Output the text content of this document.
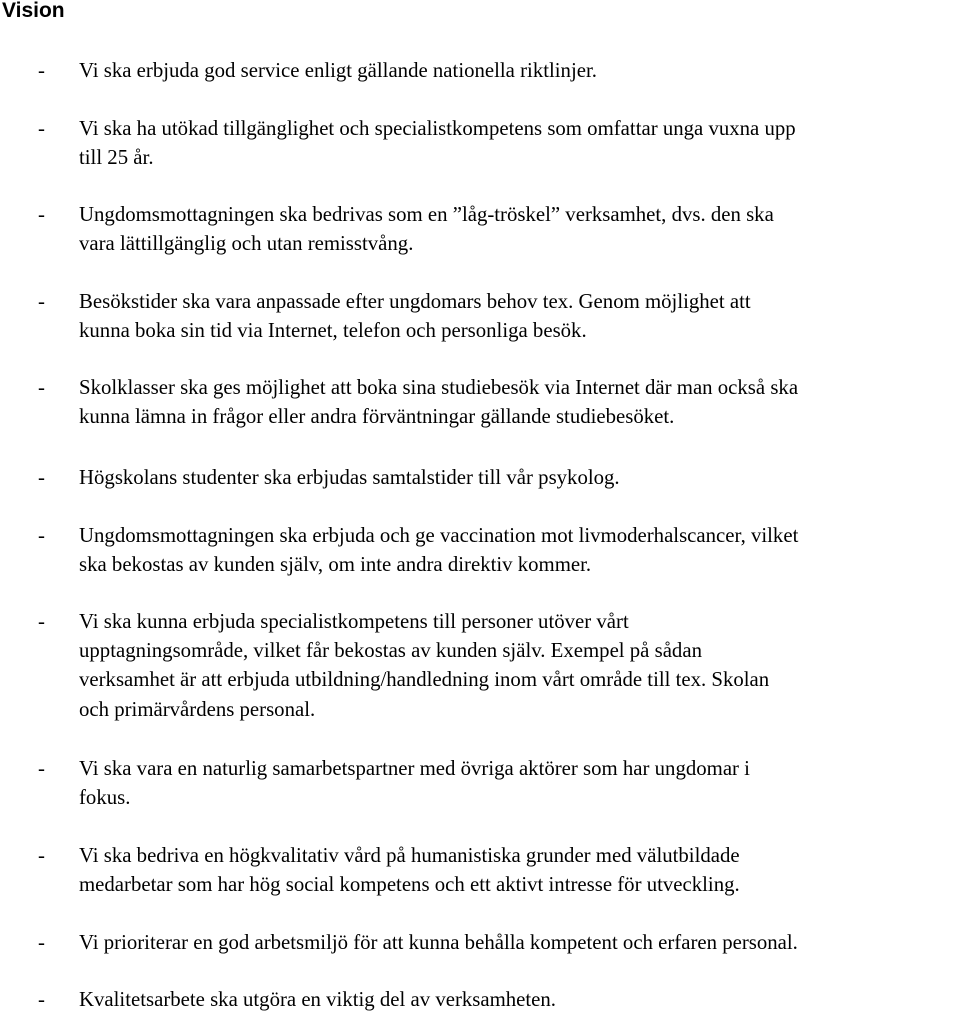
Vision
- Vi ska erbjuda god service enligt gällande nationella riktlinjer.
- Vi ska ha utökad tillgänglighet och specialistkompetens som omfattar unga vuxna upp
till 25 år.
- Ungdomsmottagningen ska bedrivas som en ”låg-tröskel” verksamhet, dvs. den ska
vara lättillgänglig och utan remisstvång.
- Besökstider ska vara anpassade efter ungdomars behov tex. Genom möjlighet att
kunna boka sin tid via Internet, telefon och personliga besök.
- Skolklasser ska ges möjlighet att boka sina studiebesök via Internet där man också ska
kunna lämna in frågor eller andra förväntningar gällande studiebesöket.
- Högskolans studenter ska erbjudas samtalstider till vår psykolog.
- Ungdomsmottagningen ska erbjuda och ge vaccination mot livmoderhalscancer, vilket
ska bekostas av kunden själv, om inte andra direktiv kommer.
- Vi ska kunna erbjuda specialistkompetens till personer utöver vårt
upptagningsområde, vilket får bekostas av kunden själv. Exempel på sådan
verksamhet är att erbjuda utbildning/handledning inom vårt område till tex. Skolan
och primärvårdens personal.
- Vi ska vara en naturlig samarbetspartner med övriga aktörer som har ungdomar i
fokus.
- Vi ska bedriva en högkvalitativ vård på humanistiska grunder med välutbildade
medarbetar som har hög social kompetens och ett aktivt intresse för utveckling.
- Vi prioriterar en god arbetsmiljö för att kunna behålla kompetent och erfaren personal.
- Kvalitetsarbete ska utgöra en viktig del av verksamheten.
